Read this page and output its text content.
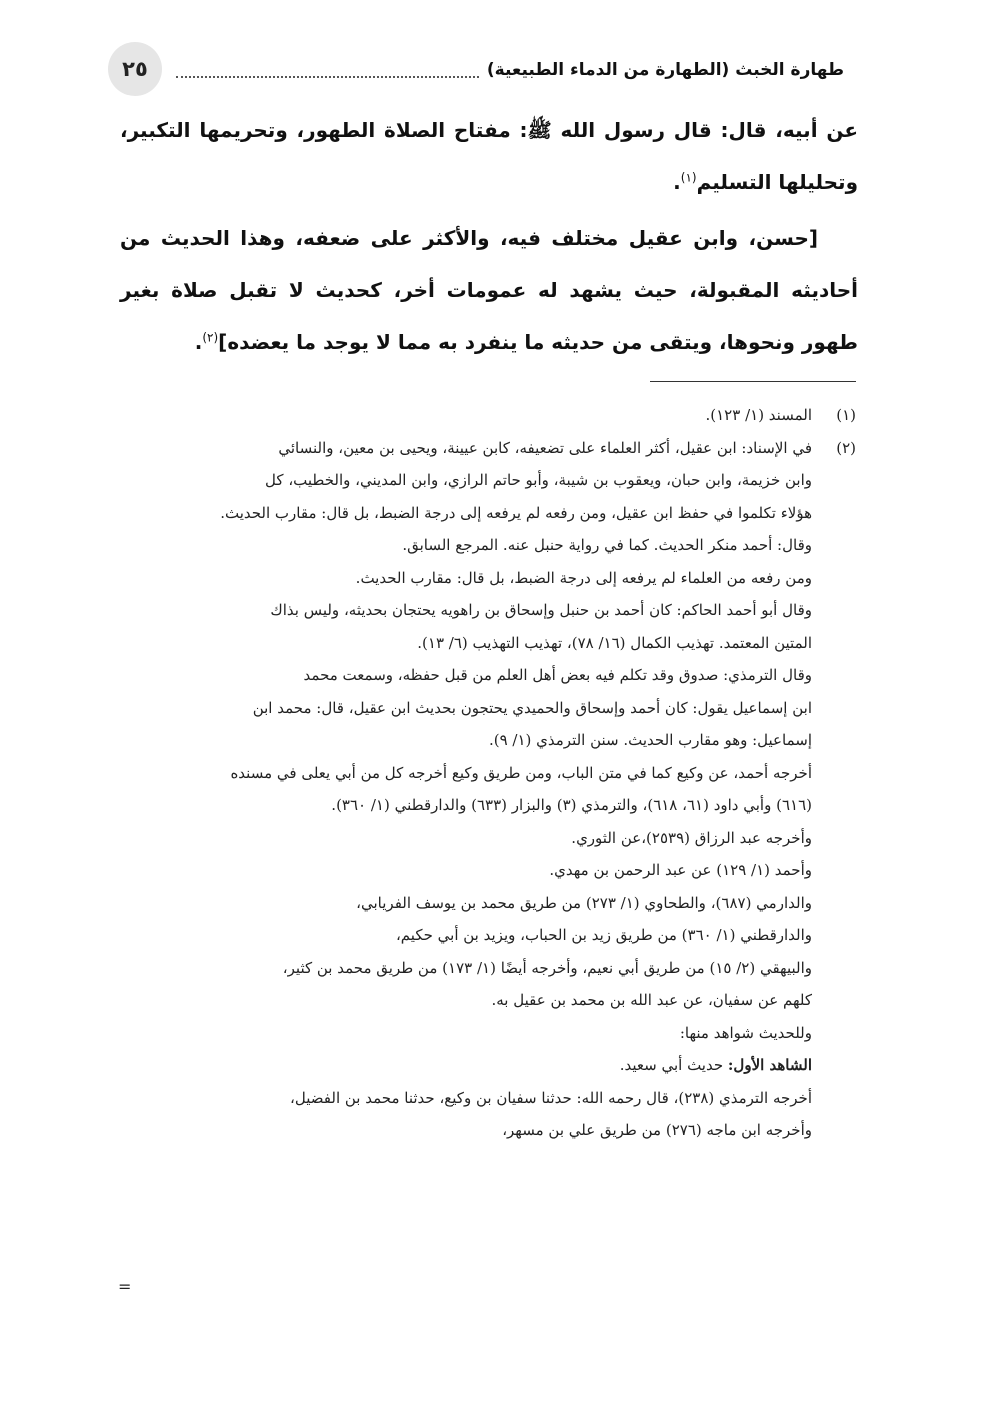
٢٥	طهارة الخبث (الطهارة من الدماء الطبيعية)

عن أبيه، قال: قال رسول الله ﷺ: مفتاح الصلاة الطهور، وتحريمها التكبير، وتحليلها التسليم$^{(١)}$.

[حسن، وابن عقيل مختلف فيه، والأكثر على ضعفه، وهذا الحديث من أحاديثه المقبولة، حيث يشهد له عمومات أخر، كحديث لا تقبل صلاة بغير طهور ونحوها، ويتقى من حديثه ما ينفرد به مما لا يوجد ما يعضده]$^{(٢)}$.

(١)
المسند (١/ ١٢٣).
(٢)
في الإسناد: ابن عقيل، أكثر العلماء على تضعيفه، كابن عيينة، ويحيى بن معين، والنسائي
وابن خزيمة، وابن حبان، ويعقوب بن شيبة، وأبو حاتم الرازي، وابن المديني، والخطيب، كل
هؤلاء تكلموا في حفظ ابن عقيل، ومن رفعه لم يرفعه إلى درجة الضبط، بل قال: مقارب الحديث.
وقال: أحمد منكر الحديث. كما في رواية حنبل عنه. المرجع السابق.
ومن رفعه من العلماء لم يرفعه إلى درجة الضبط، بل قال: مقارب الحديث.
وقال أبو أحمد الحاكم: كان أحمد بن حنبل وإسحاق بن راهويه يحتجان بحديثه، وليس بذاك
المتين المعتمد. تهذيب الكمال (١٦/ ٧٨)، تهذيب التهذيب (٦/ ١٣).
وقال الترمذي: صدوق وقد تكلم فيه بعض أهل العلم من قبل حفظه، وسمعت محمد
ابن إسماعيل يقول: كان أحمد وإسحاق والحميدي يحتجون بحديث ابن عقيل، قال: محمد ابن
إسماعيل: وهو مقارب الحديث. سنن الترمذي (١/ ٩).
أخرجه أحمد، عن وكيع كما في متن الباب، ومن طريق وكيع أخرجه كل من أبي يعلى في مسنده
(٦١٦) وأبي داود (٦١، ٦١٨)، والترمذي (٣) والبزار (٦٣٣) والدارقطني (١/ ٣٦٠).
وأخرجه عبد الرزاق (٢٥٣٩)،عن الثوري.
وأحمد (١/ ١٢٩) عن عبد الرحمن بن مهدي.
والدارمي (٦٨٧)، والطحاوي (١/ ٢٧٣) من طريق محمد بن يوسف الفريابي،
والدارقطني (١/ ٣٦٠) من طريق زيد بن الحباب، ويزيد بن أبي حكيم،
والبيهقي (٢/ ١٥) من طريق أبي نعيم، وأخرجه أيضًا (١/ ١٧٣) من طريق محمد بن كثير،
كلهم عن سفيان، عن عبد الله بن محمد بن عقيل به.
وللحديث شواهد منها:
الشاهد الأول: حديث أبي سعيد.
أخرجه الترمذي (٢٣٨)، قال رحمه الله: حدثنا سفيان بن وكيع، حدثنا محمد بن الفضيل،
وأخرجه ابن ماجه (٢٧٦) من طريق علي بن مسهر،
=
